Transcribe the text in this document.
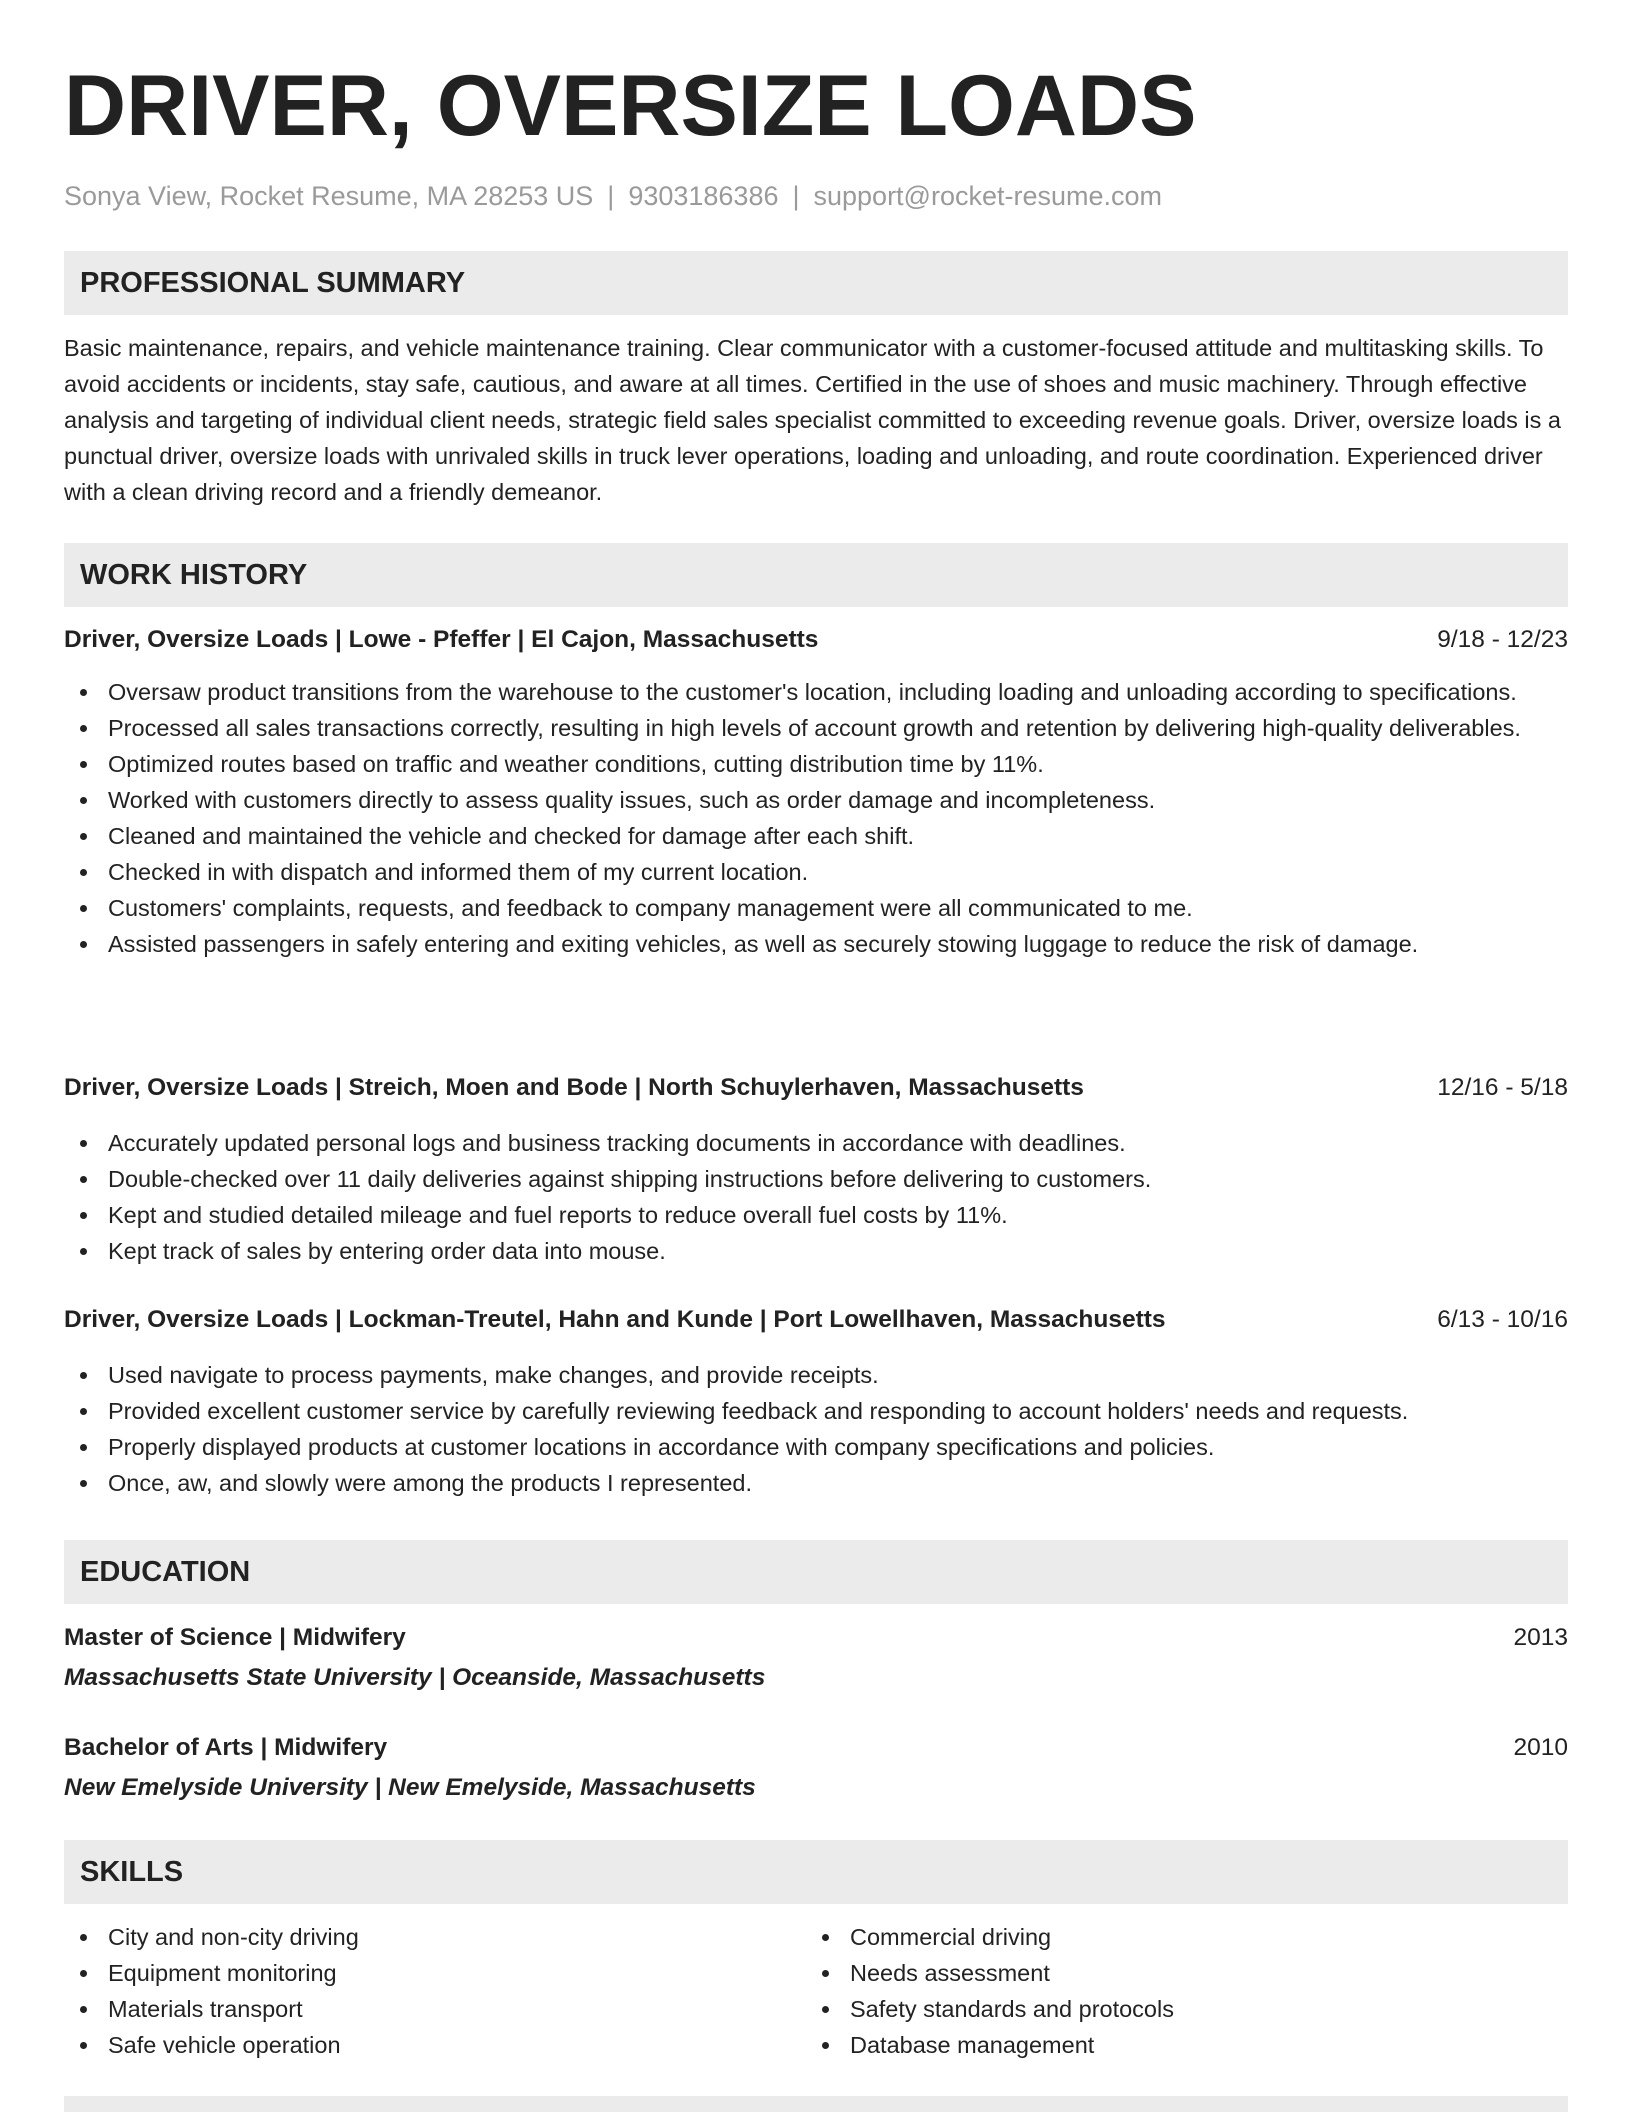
DRIVER, OVERSIZE LOADS
Sonya View, Rocket Resume, MA 28253 US | 9303186386 | support@rocket-resume.com
PROFESSIONAL SUMMARY
Basic maintenance, repairs, and vehicle maintenance training. Clear communicator with a customer-focused attitude and multitasking skills. To avoid accidents or incidents, stay safe, cautious, and aware at all times. Certified in the use of shoes and music machinery. Through effective analysis and targeting of individual client needs, strategic field sales specialist committed to exceeding revenue goals. Driver, oversize loads is a punctual driver, oversize loads with unrivaled skills in truck lever operations, loading and unloading, and route coordination. Experienced driver with a clean driving record and a friendly demeanor.
WORK HISTORY
Driver, Oversize Loads | Lowe - Pfeffer | El Cajon, Massachusetts	9/18 - 12/23
Oversaw product transitions from the warehouse to the customer's location, including loading and unloading according to specifications.
Processed all sales transactions correctly, resulting in high levels of account growth and retention by delivering high-quality deliverables.
Optimized routes based on traffic and weather conditions, cutting distribution time by 11%.
Worked with customers directly to assess quality issues, such as order damage and incompleteness.
Cleaned and maintained the vehicle and checked for damage after each shift.
Checked in with dispatch and informed them of my current location.
Customers' complaints, requests, and feedback to company management were all communicated to me.
Assisted passengers in safely entering and exiting vehicles, as well as securely stowing luggage to reduce the risk of damage.
Driver, Oversize Loads | Streich, Moen and Bode | North Schuylerhaven, Massachusetts	12/16 - 5/18
Accurately updated personal logs and business tracking documents in accordance with deadlines.
Double-checked over 11 daily deliveries against shipping instructions before delivering to customers.
Kept and studied detailed mileage and fuel reports to reduce overall fuel costs by 11%.
Kept track of sales by entering order data into mouse.
Driver, Oversize Loads | Lockman-Treutel, Hahn and Kunde | Port Lowellhaven, Massachusetts	6/13 - 10/16
Used navigate to process payments, make changes, and provide receipts.
Provided excellent customer service by carefully reviewing feedback and responding to account holders' needs and requests.
Properly displayed products at customer locations in accordance with company specifications and policies.
Once, aw, and slowly were among the products I represented.
EDUCATION
Master of Science | Midwifery	2013
Massachusetts State University | Oceanside, Massachusetts
Bachelor of Arts | Midwifery	2010
New Emelyside University | New Emelyside, Massachusetts
SKILLS
City and non-city driving
Equipment monitoring
Materials transport
Safe vehicle operation
Commercial driving
Needs assessment
Safety standards and protocols
Database management
